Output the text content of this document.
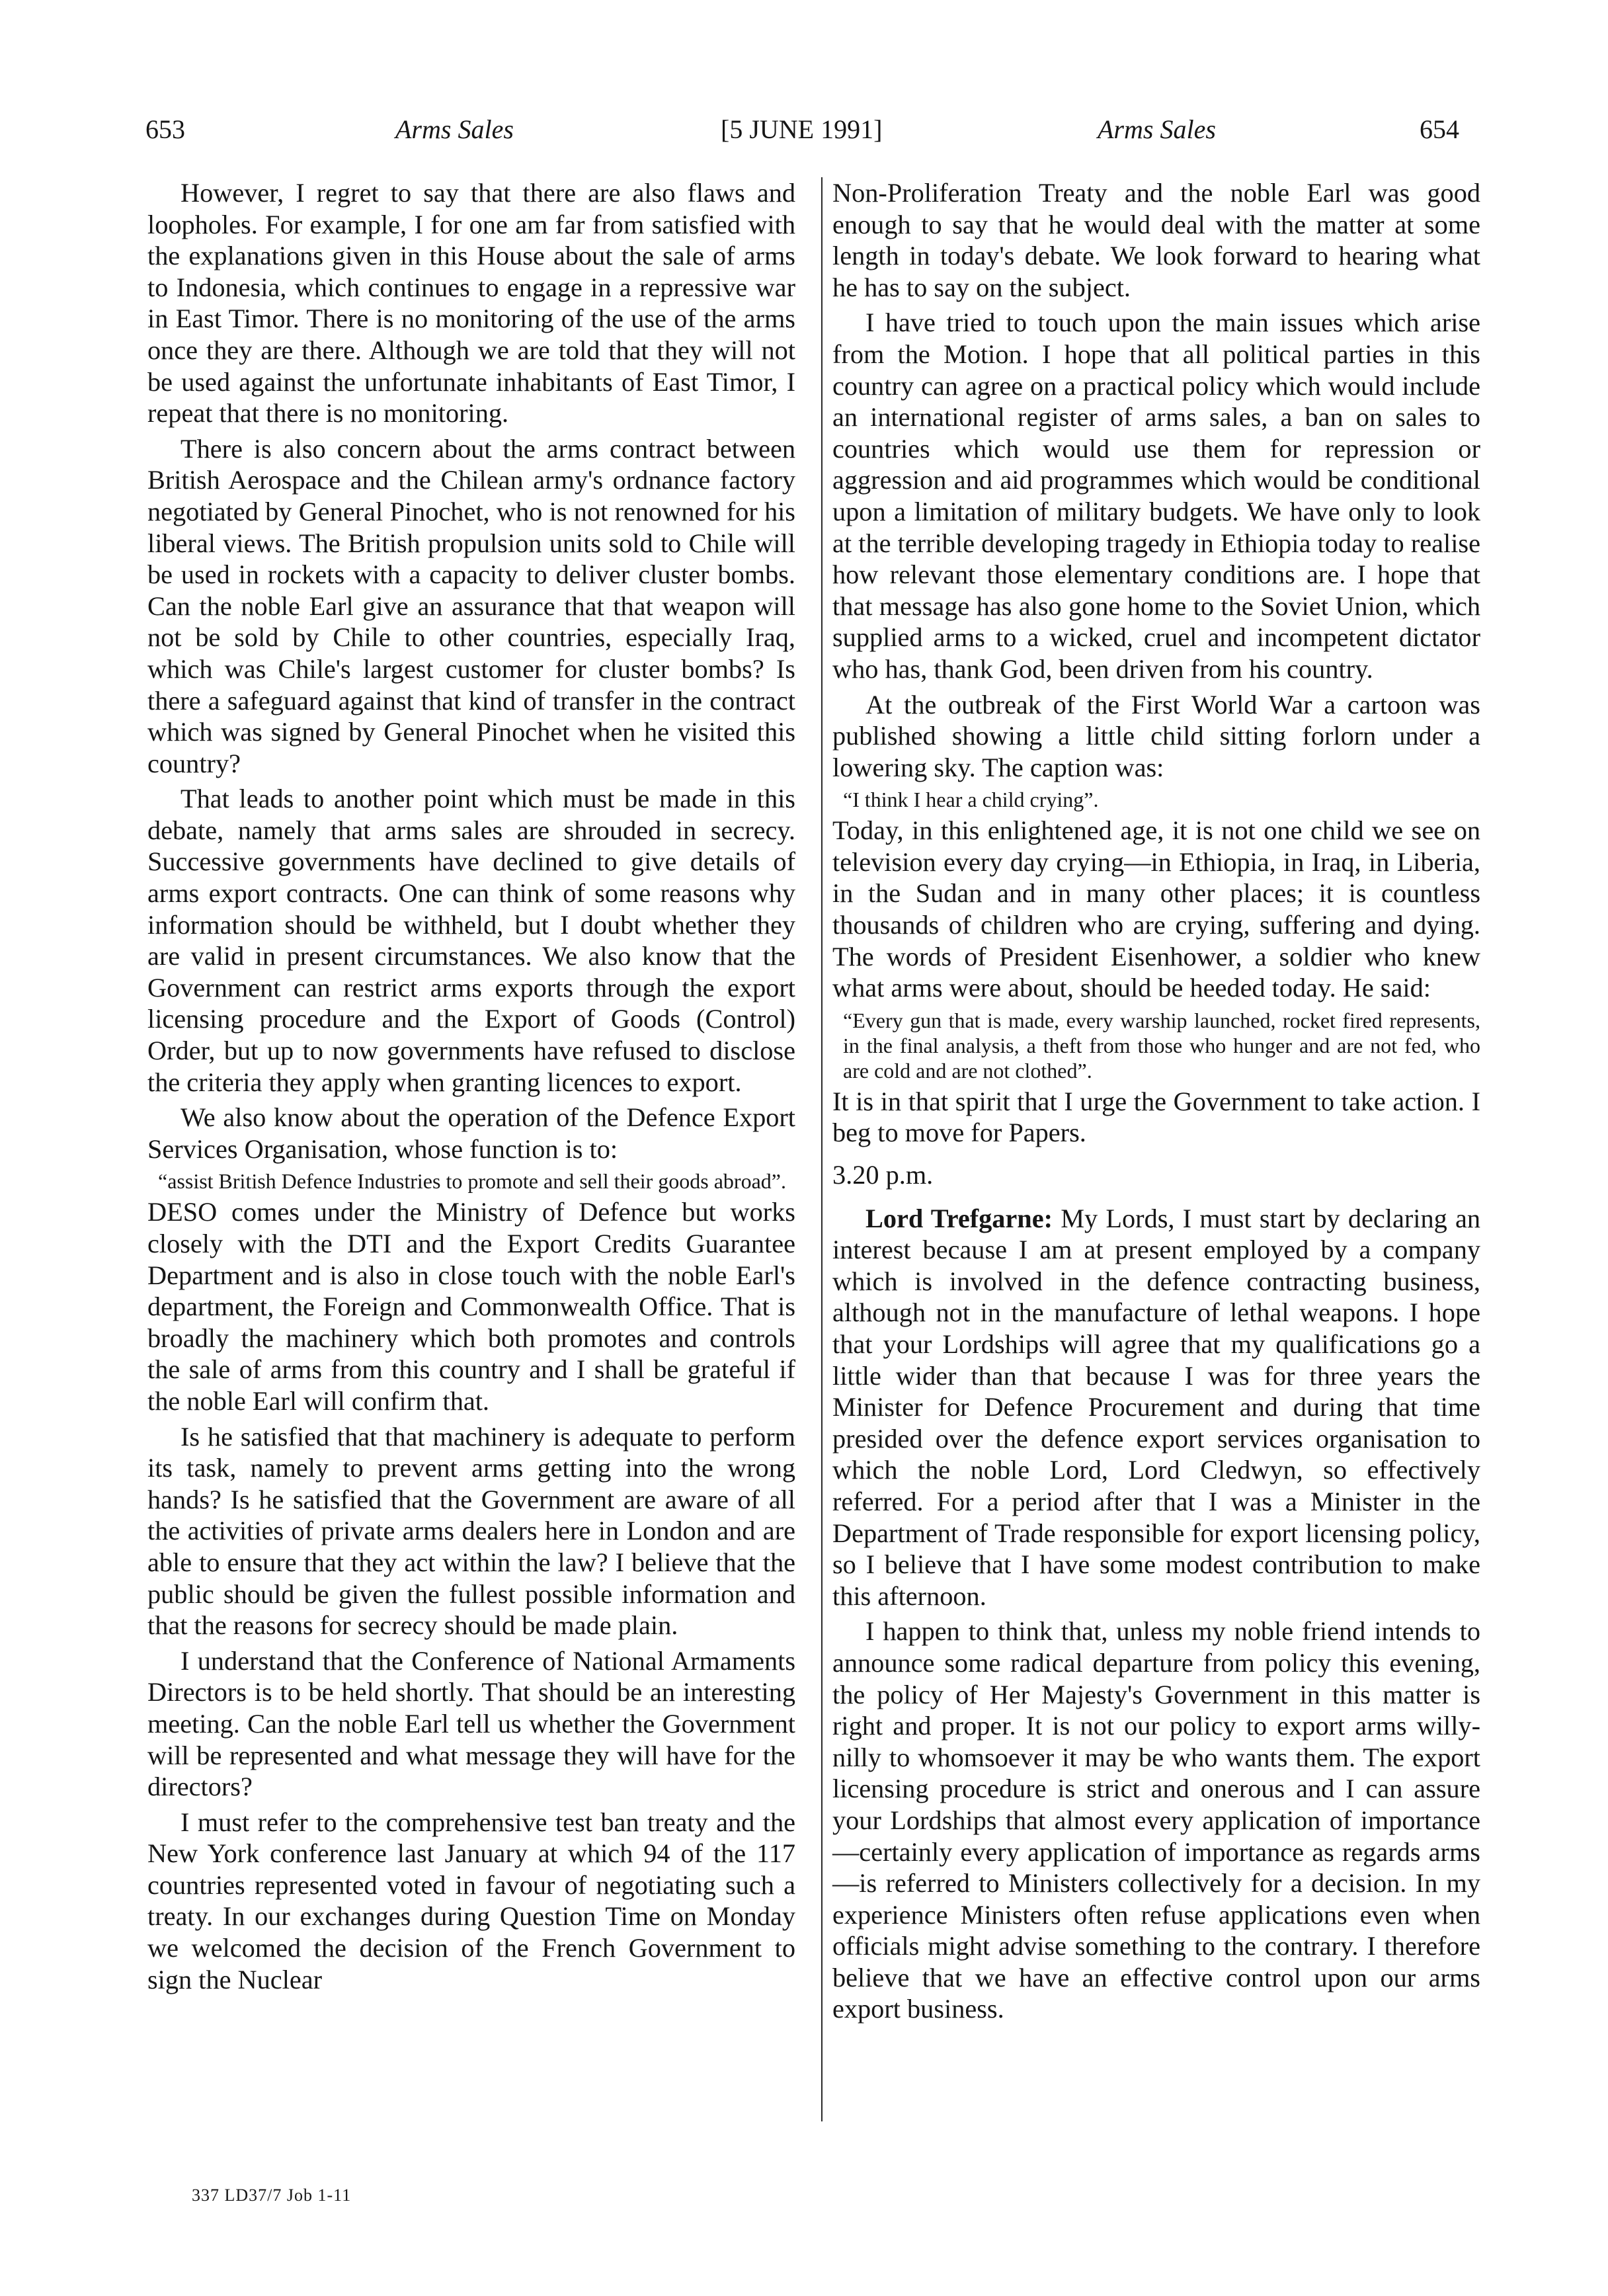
653	Arms Sales	[5 JUNE 1991]	Arms Sales	654

However, I regret to say that there are also flaws and loopholes. For example, I for one am far from satisfied with the explanations given in this House about the sale of arms to Indonesia, which continues to engage in a repressive war in East Timor. There is no monitoring of the use of the arms once they are there. Although we are told that they will not be used against the unfortunate inhabitants of East Timor, I repeat that there is no monitoring.

There is also concern about the arms contract between British Aerospace and the Chilean army's ordnance factory negotiated by General Pinochet, who is not renowned for his liberal views. The British propulsion units sold to Chile will be used in rockets with a capacity to deliver cluster bombs. Can the noble Earl give an assurance that that weapon will not be sold by Chile to other countries, especially Iraq, which was Chile's largest customer for cluster bombs? Is there a safeguard against that kind of transfer in the contract which was signed by General Pinochet when he visited this country?

That leads to another point which must be made in this debate, namely that arms sales are shrouded in secrecy. Successive governments have declined to give details of arms export contracts. One can think of some reasons why information should be withheld, but I doubt whether they are valid in present circumstances. We also know that the Government can restrict arms exports through the export licensing procedure and the Export of Goods (Control) Order, but up to now governments have refused to disclose the criteria they apply when granting licences to export.

We also know about the operation of the Defence Export Services Organisation, whose function is to:

“assist British Defence Industries to promote and sell their goods abroad”.

DESO comes under the Ministry of Defence but works closely with the DTI and the Export Credits Guarantee Department and is also in close touch with the noble Earl's department, the Foreign and Commonwealth Office. That is broadly the machinery which both promotes and controls the sale of arms from this country and I shall be grateful if the noble Earl will confirm that.

Is he satisfied that that machinery is adequate to perform its task, namely to prevent arms getting into the wrong hands? Is he satisfied that the Government are aware of all the activities of private arms dealers here in London and are able to ensure that they act within the law? I believe that the public should be given the fullest possible information and that the reasons for secrecy should be made plain.

I understand that the Conference of National Armaments Directors is to be held shortly. That should be an interesting meeting. Can the noble Earl tell us whether the Government will be represented and what message they will have for the directors?

I must refer to the comprehensive test ban treaty and the New York conference last January at which 94 of the 117 countries represented voted in favour of negotiating such a treaty. In our exchanges during Question Time on Monday we welcomed the decision of the French Government to sign the Nuclear

Non-Proliferation Treaty and the noble Earl was good enough to say that he would deal with the matter at some length in today's debate. We look forward to hearing what he has to say on the subject.

I have tried to touch upon the main issues which arise from the Motion. I hope that all political parties in this country can agree on a practical policy which would include an international register of arms sales, a ban on sales to countries which would use them for repression or aggression and aid programmes which would be conditional upon a limitation of military budgets. We have only to look at the terrible developing tragedy in Ethiopia today to realise how relevant those elementary conditions are. I hope that that message has also gone home to the Soviet Union, which supplied arms to a wicked, cruel and incompetent dictator who has, thank God, been driven from his country.

At the outbreak of the First World War a cartoon was published showing a little child sitting forlorn under a lowering sky. The caption was:

“I think I hear a child crying”.

Today, in this enlightened age, it is not one child we see on television every day crying—in Ethiopia, in Iraq, in Liberia, in the Sudan and in many other places; it is countless thousands of children who are crying, suffering and dying. The words of President Eisenhower, a soldier who knew what arms were about, should be heeded today. He said:

“Every gun that is made, every warship launched, rocket fired represents, in the final analysis, a theft from those who hunger and are not fed, who are cold and are not clothed”.

It is in that spirit that I urge the Government to take action. I beg to move for Papers.

3.20 p.m.

Lord Trefgarne: My Lords, I must start by declaring an interest because I am at present employed by a company which is involved in the defence contracting business, although not in the manufacture of lethal weapons. I hope that your Lordships will agree that my qualifications go a little wider than that because I was for three years the Minister for Defence Procurement and during that time presided over the defence export services organisation to which the noble Lord, Lord Cledwyn, so effectively referred. For a period after that I was a Minister in the Department of Trade responsible for export licensing policy, so I believe that I have some modest contribution to make this afternoon.

I happen to think that, unless my noble friend intends to announce some radical departure from policy this evening, the policy of Her Majesty's Government in this matter is right and proper. It is not our policy to export arms willy-nilly to whomsoever it may be who wants them. The export licensing procedure is strict and onerous and I can assure your Lordships that almost every application of importance—certainly every application of importance as regards arms—is referred to Ministers collectively for a decision. In my experience Ministers often refuse applications even when officials might advise something to the contrary. I therefore believe that we have an effective control upon our arms export business.

337 LD37/7 Job 1-11
